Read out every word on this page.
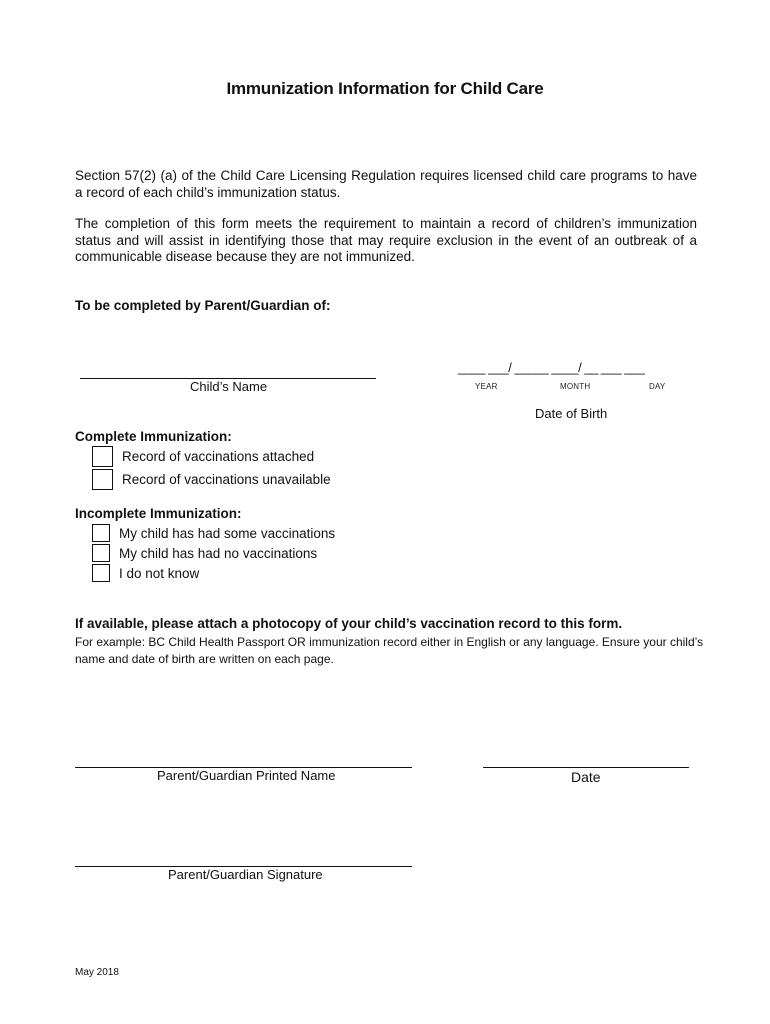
Immunization Information for Child Care

Section 57(2) (a) of the Child Care Licensing Regulation requires licensed child care programs to have a record of each child’s immunization status.

The completion of this form meets the requirement to maintain a record of children’s immunization status and will assist in identifying those that may require exclusion in the event of an outbreak of a communicable disease because they are not immunized.

To be completed by Parent/Guardian of:
Child’s Name
____ ___/ _____ ____/ __ ___ ___
YEAR	MONTH	DAY
Date of Birth
Complete Immunization:
Record of vaccinations attached
Record of vaccinations unavailable
Incomplete Immunization:
My child has had some vaccinations
My child has had no vaccinations
I do not know
If available, please attach a photocopy of your child’s vaccination record to this form.

For example: BC Child Health Passport OR immunization record either in English or any language. Ensure your child’s name and date of birth are written on each page.

Parent/Guardian Printed Name	Date
Parent/Guardian Signature
May 2018
